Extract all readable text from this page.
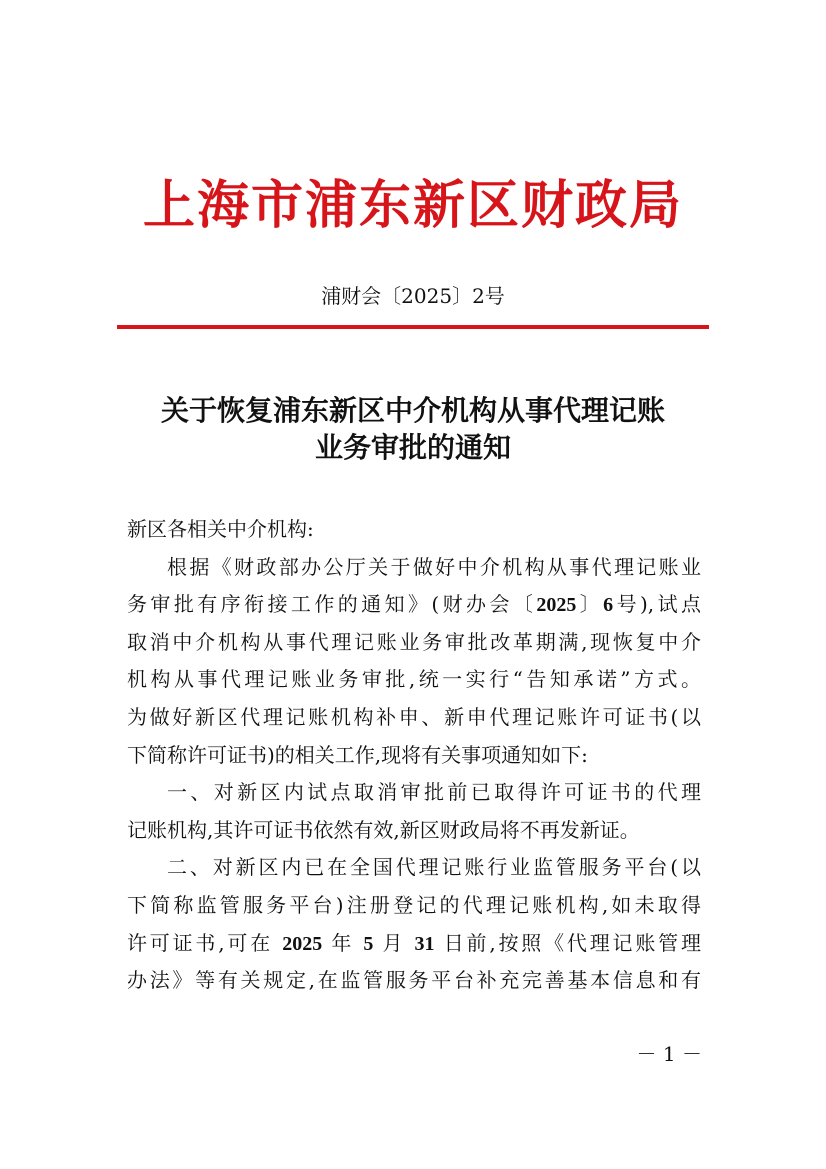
上海市浦东新区财政局
浦财会〔2025〕2号
关于恢复浦东新区中介机构从事代理记账
业务审批的通知
新区各相关中介机构:
根据《财政部办公厅关于做好中介机构从事代理记账业
务审批有序衔接工作的通知》(财办会〔2025〕6号),试点
取消中介机构从事代理记账业务审批改革期满,现恢复中介
机构从事代理记账业务审批,统一实行“告知承诺”方式。
为做好新区代理记账机构补申、新申代理记账许可证书(以
下简称许可证书)的相关工作,现将有关事项通知如下:
一、对新区内试点取消审批前已取得许可证书的代理
记账机构,其许可证书依然有效,新区财政局将不再发新证。
二、对新区内已在全国代理记账行业监管服务平台(以
下简称监管服务平台)注册登记的代理记账机构,如未取得
许可证书,可在 2025 年 5 月 31 日前,按照《代理记账管理
办法》等有关规定,在监管服务平台补充完善基本信息和有
－ 1 －
